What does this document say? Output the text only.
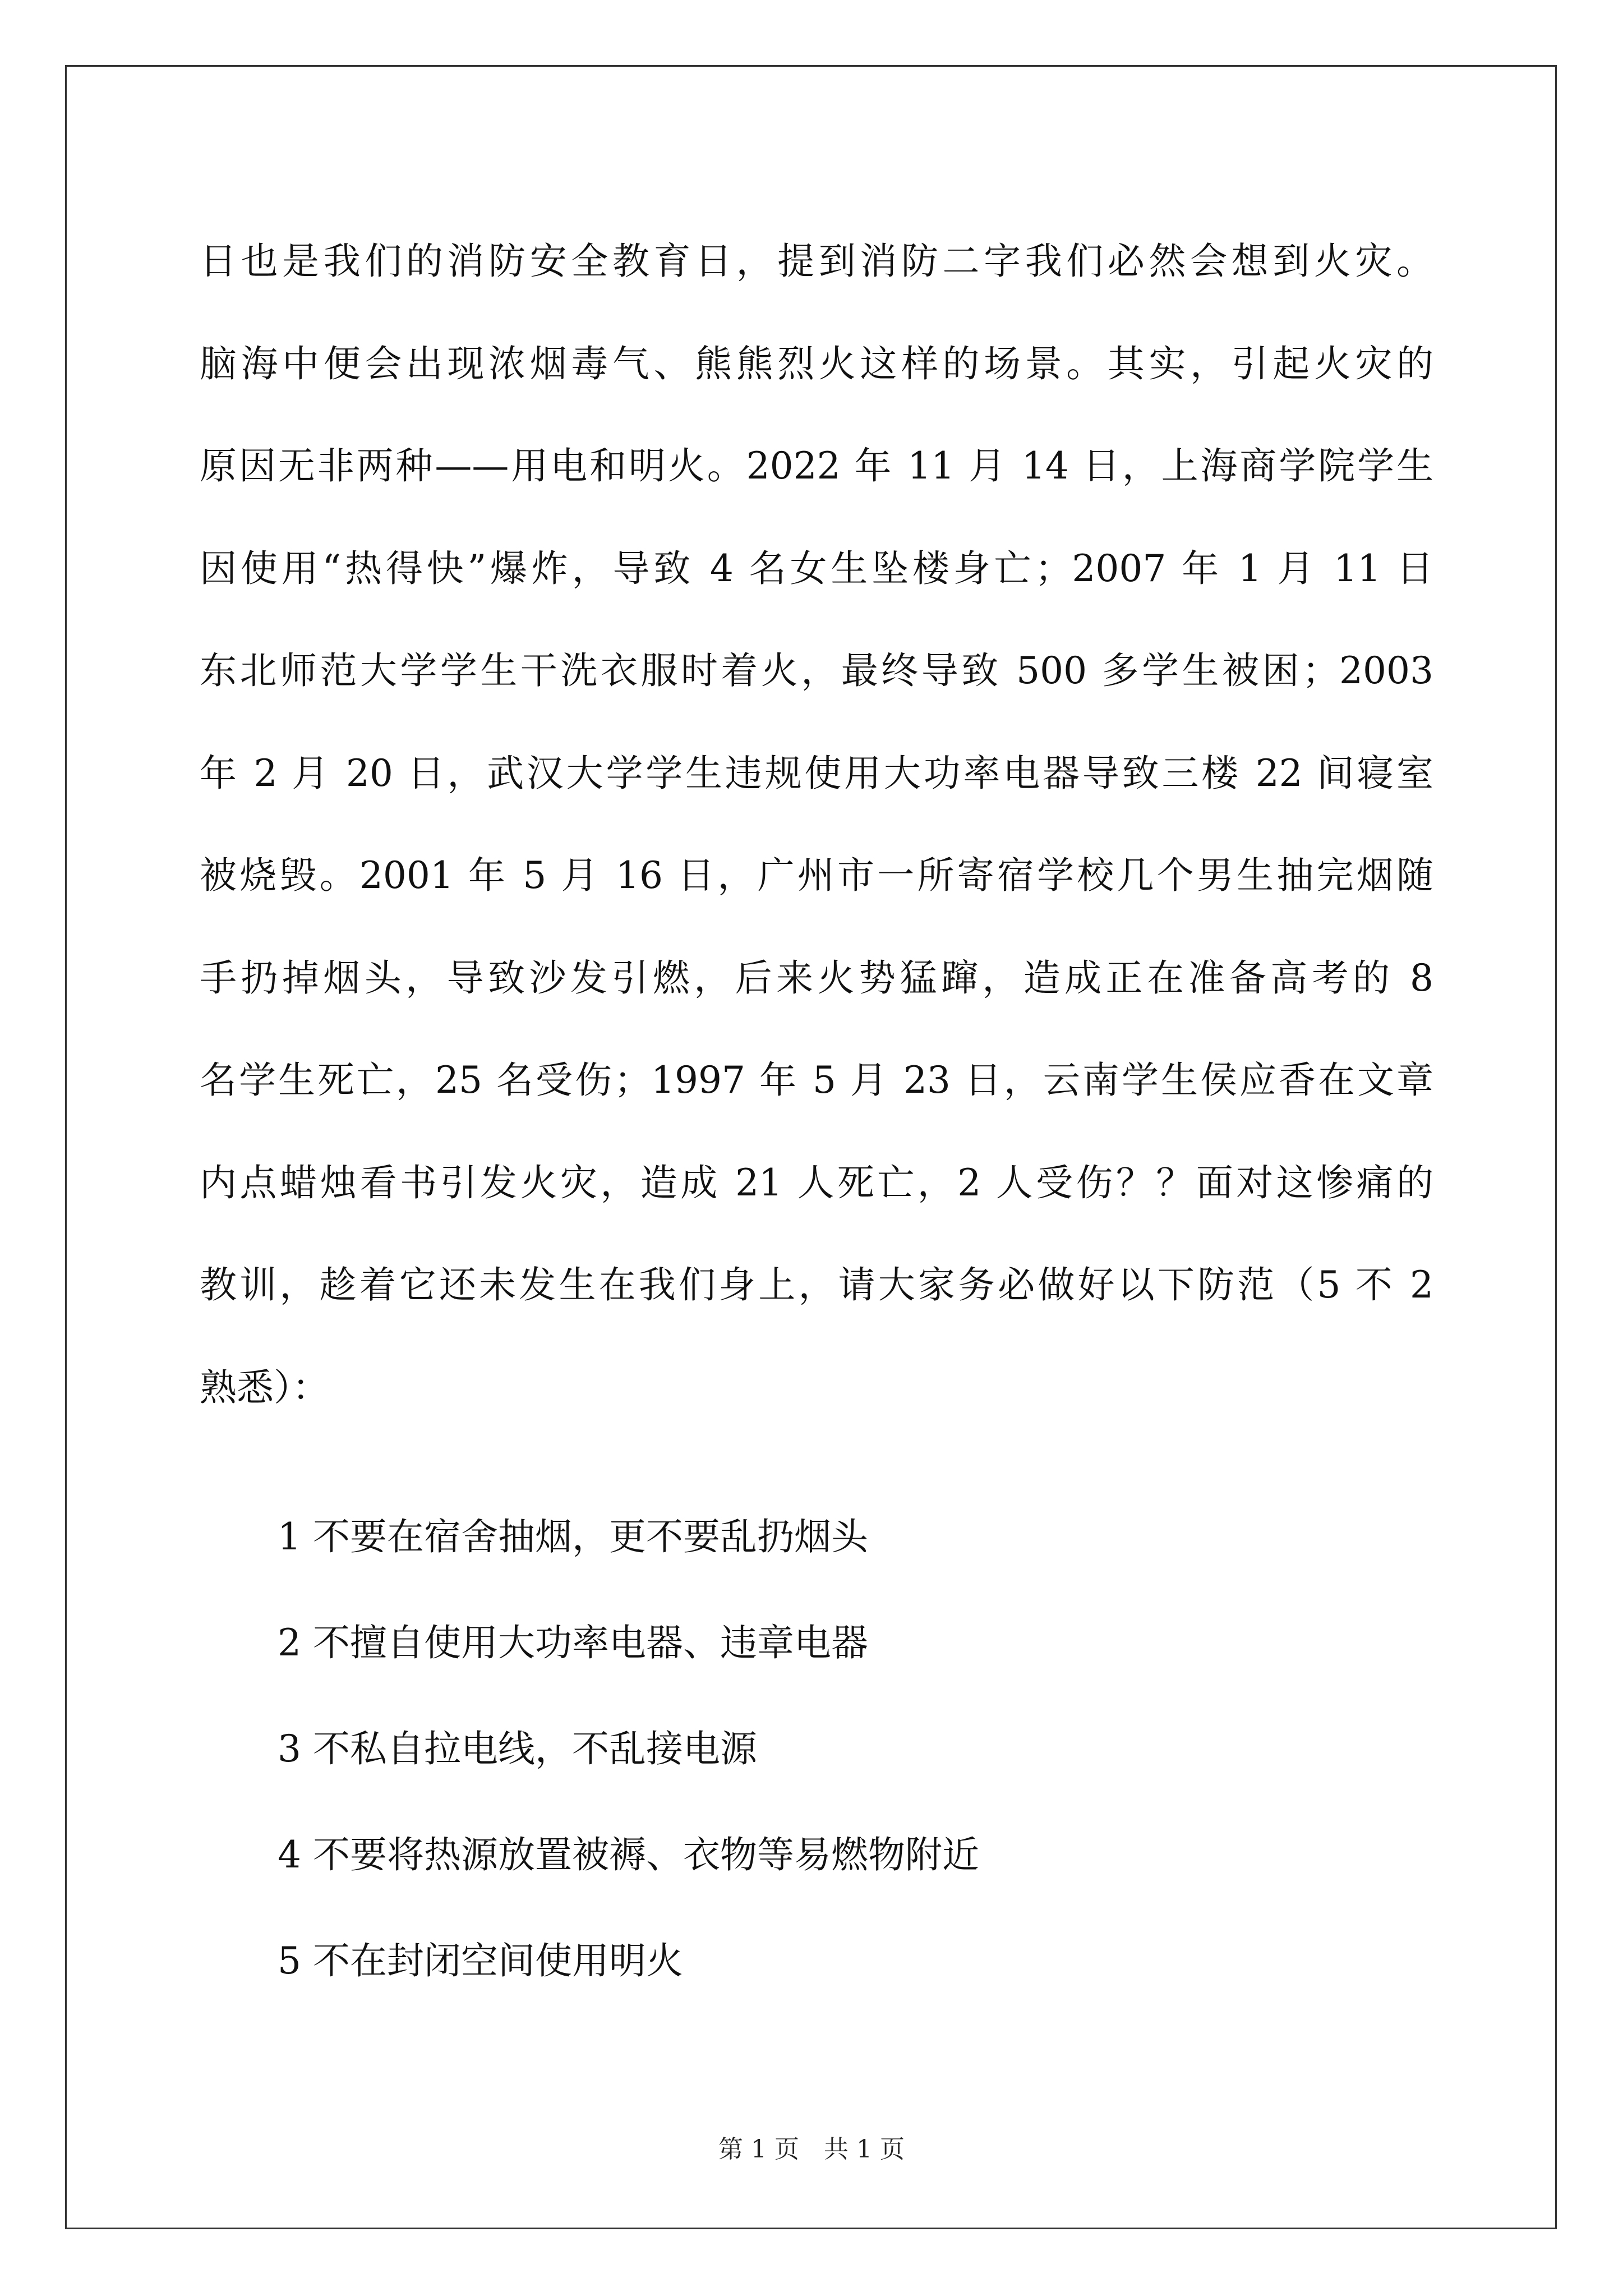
日也是我们的消防安全教育日，提到消防二字我们必然会想到火灾。
脑海中便会出现浓烟毒气、熊熊烈火这样的场景。其实，引起火灾的
原因无非两种——用电和明火。2022 年 11 月 14 日，上海商学院学生
因使用“热得快”爆炸，导致 4 名女生坠楼身亡；2007 年 1 月 11 日
东北师范大学学生干洗衣服时着火，最终导致 500 多学生被困；2003
年 2 月 20 日，武汉大学学生违规使用大功率电器导致三楼 22 间寝室
被烧毁。2001 年 5 月 16 日，广州市一所寄宿学校几个男生抽完烟随
手扔掉烟头，导致沙发引燃，后来火势猛蹿，造成正在准备高考的 8
名学生死亡，25 名受伤；1997 年 5 月 23 日，云南学生侯应香在文章
内点蜡烛看书引发火灾，造成 21 人死亡，2 人受伤？？面对这惨痛的
教训，趁着它还未发生在我们身上，请大家务必做好以下防范（5 不 2
熟悉）：
1 不要在宿舍抽烟，更不要乱扔烟头
2 不擅自使用大功率电器、违章电器
3 不私自拉电线，不乱接电源
4 不要将热源放置被褥、衣物等易燃物附近
5 不在封闭空间使用明火
第 1 页　共 1 页
